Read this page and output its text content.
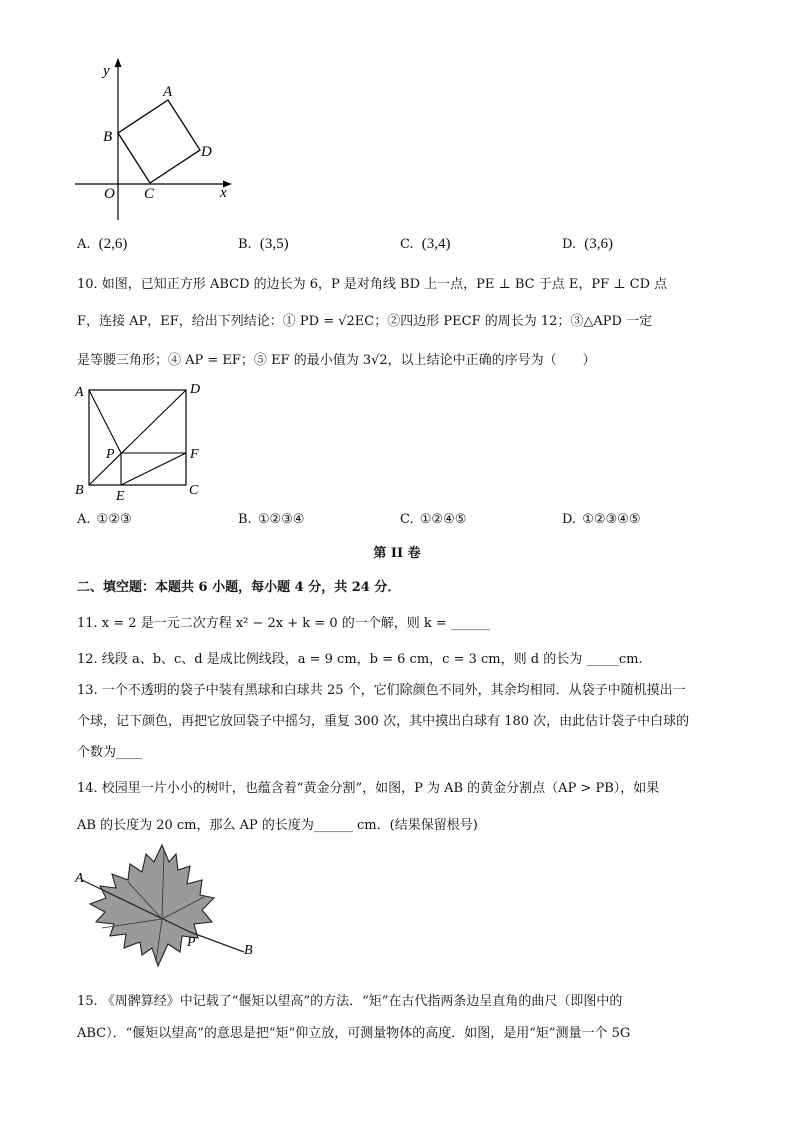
y
x
O
A
B
C
D
A. (2,6)	B. (3,5)	C. (3,4)	D. (3,6)
10. 如图，已知正方形 ABCD 的边长为 6，P 是对角线 BD 上一点，PE ⊥ BC 于点 E，PF ⊥ CD 点
F，连接 AP，EF，给出下列结论：① PD = √2EC；②四边形 PECF 的周长为 12；③△APD 一定
是等腰三角形；④ AP = EF；⑤ EF 的最小值为 3√2，以上结论中正确的序号为（　　）
A	D
P	F
B E	C
A. ①②③	B. ①②③④	C. ①②④⑤	D. ①②③④⑤
第 II 卷
二、填空题：本题共 6 小题，每小题 4 分，共 24 分．
11. x = 2 是一元二次方程 x² − 2x + k = 0 的一个解，则 k = ______
12. 线段 a、b、c、d 是成比例线段，a = 9 cm，b = 6 cm，c = 3 cm，则 d 的长为 _____cm.
13. 一个不透明的袋子中装有黑球和白球共 25 个，它们除颜色不同外，其余均相同．从袋子中随机摸出一
个球，记下颜色，再把它放回袋子中摇匀，重复 300 次，其中摸出白球有 180 次，由此估计袋子中白球的
个数为____
14. 校园里一片小小的树叶，也蕴含着“黄金分割”，如图，P 为 AB 的黄金分割点（AP > PB），如果
AB 的长度为 20 cm，那么 AP 的长度为______ cm．(结果保留根号)
A
P
B
15. 《周髀算经》中记载了“偃矩以望高”的方法．“矩”在古代指两条边呈直角的曲尺（即图中的
ABC）．“偃矩以望高”的意思是把“矩”仰立放，可测量物体的高度．如图，是用“矩”测量一个 5G
